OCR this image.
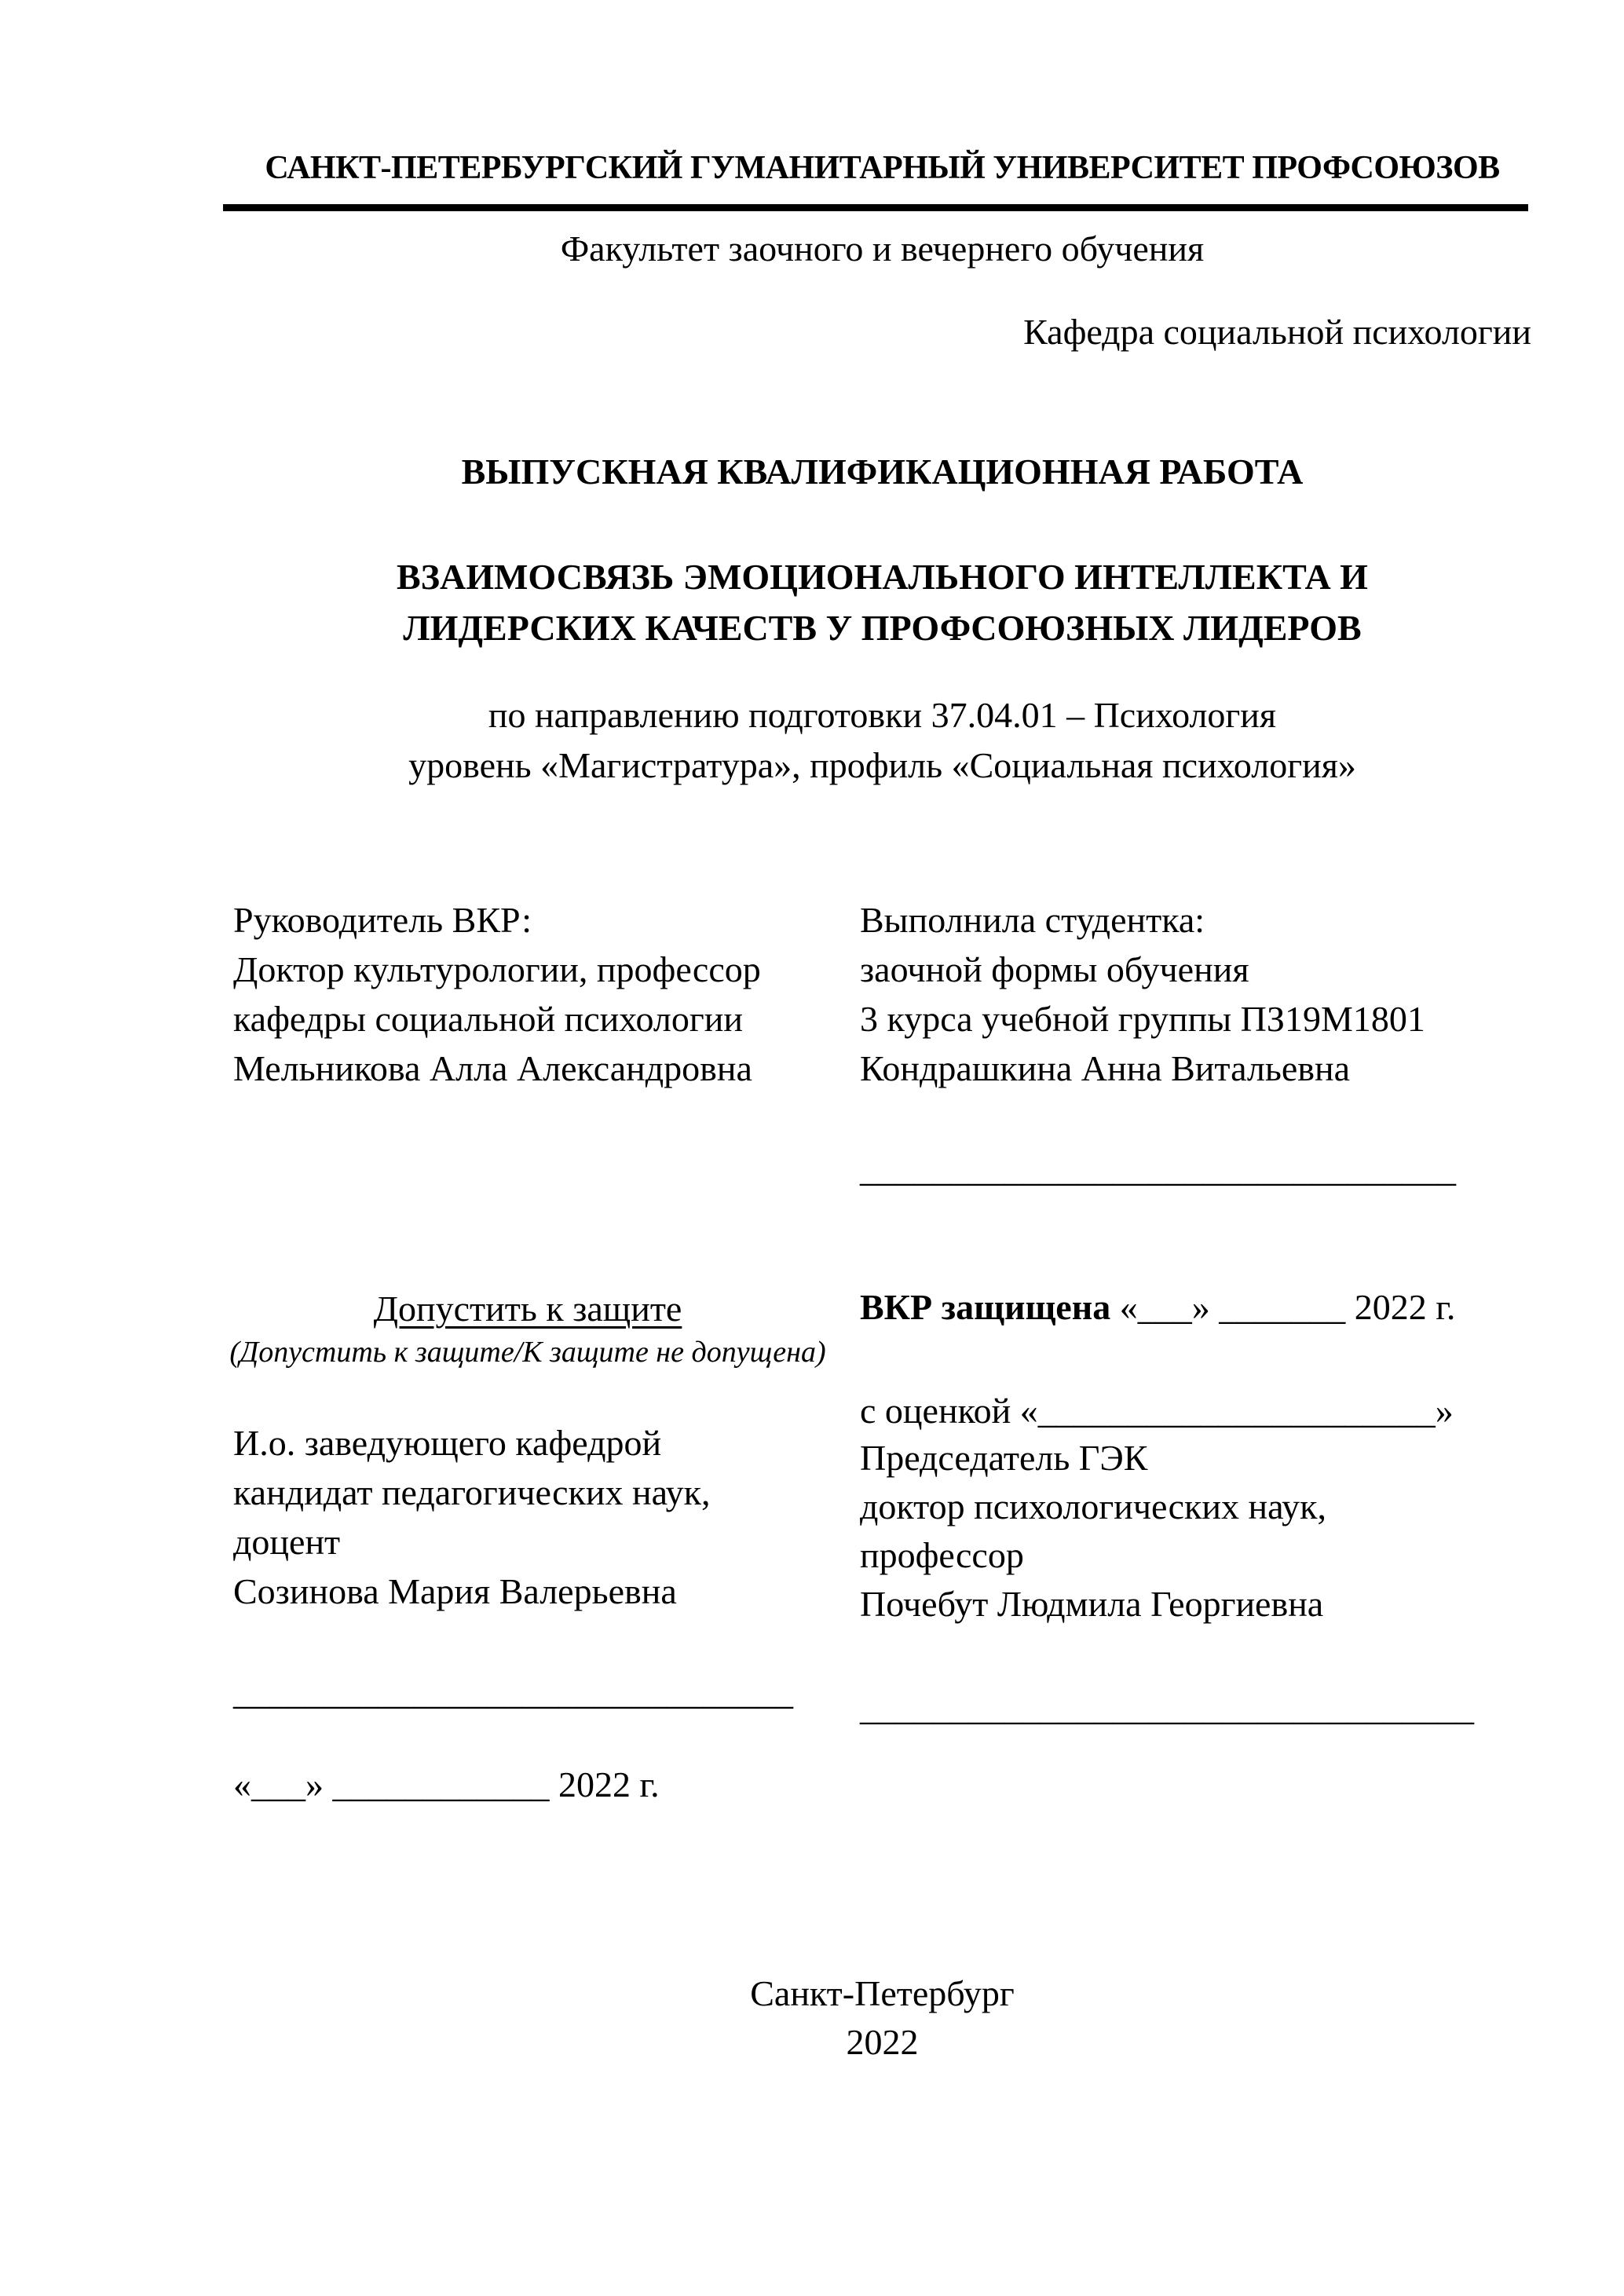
САНКТ-ПЕТЕРБУРГСКИЙ ГУМАНИТАРНЫЙ УНИВЕРСИТЕТ ПРОФСОЮЗОВ
Факультет заочного и вечернего обучения
Кафедра социальной психологии
ВЫПУСКНАЯ КВАЛИФИКАЦИОННАЯ РАБОТА
ВЗАИМОСВЯЗЬ ЭМОЦИОНАЛЬНОГО ИНТЕЛЛЕКТА И
ЛИДЕРСКИХ КАЧЕСТВ У ПРОФСОЮЗНЫХ ЛИДЕРОВ
по направлению подготовки 37.04.01 – Психология
уровень «Магистратура», профиль «Социальная психология»
Руководитель ВКР:
Доктор культурологии, профессор
кафедры социальной психологии
Мельникова Алла Александровна
Выполнила студентка:
заочной формы обучения
3 курса учебной группы ПЗ19М1801
Кондрашкина Анна Витальевна
_________________________________
Допустить к защите
(Допустить к защите/К защите не допущена)
И.о. заведующего кафедрой
кандидат педагогических наук,
доцент
Созинова Мария Валерьевна
ВКР защищена «___» _______ 2022 г.
с оценкой «______________________»
Председатель ГЭК
доктор психологических наук,
профессор
Почебут Людмила Георгиевна
_______________________________	__________________________________
«___» ____________ 2022 г.
Санкт-Петербург
2022
